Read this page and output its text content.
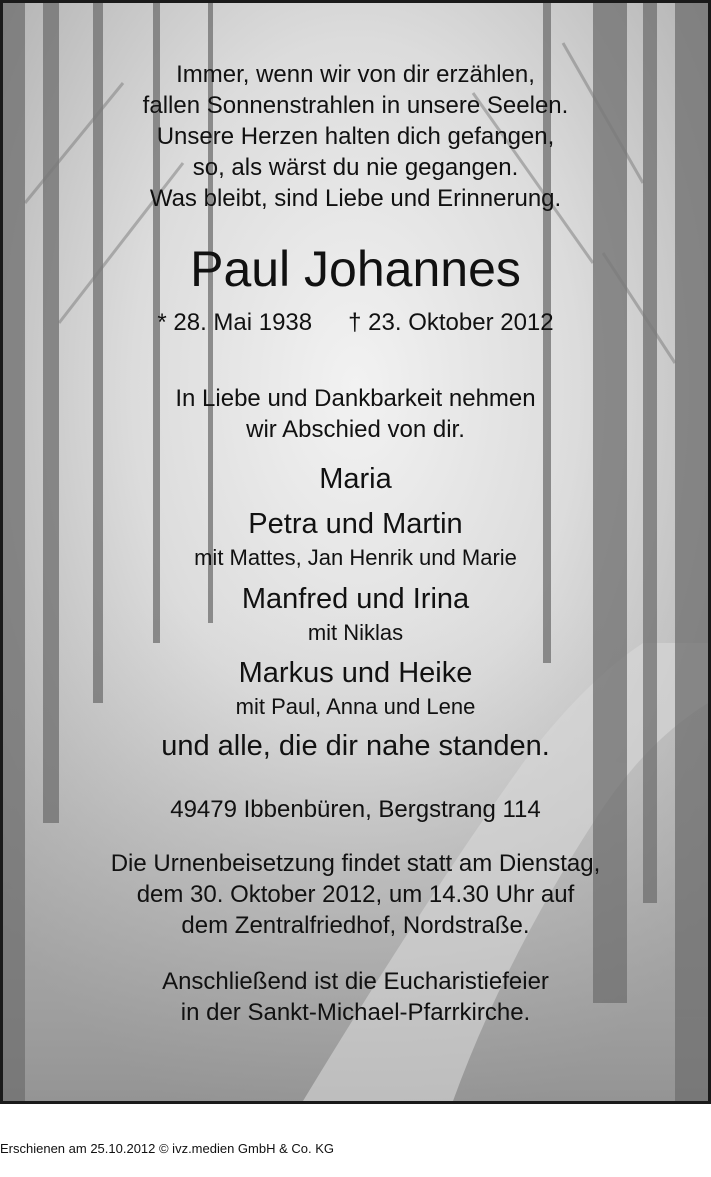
Immer, wenn wir von dir erzählen,

fallen Sonnenstrahlen in unsere Seelen.

Unsere Herzen halten dich gefangen,

so, als wärst du nie gegangen.

Was bleibt, sind Liebe und Erinnerung.

Paul Johannes

* 28. Mai 1938 † 23. Oktober 2012

In Liebe und Dankbarkeit nehmen

wir Abschied von dir.

Maria

Petra und Martin

mit Mattes, Jan Henrik und Marie

Manfred und Irina

mit Niklas

Markus und Heike

mit Paul, Anna und Lene

und alle, die dir nahe standen.

49479 Ibbenbüren, Bergstrang 114

Die Urnenbeisetzung findet statt am Dienstag,

dem 30. Oktober 2012, um 14.30 Uhr auf

dem Zentralfriedhof, Nordstraße.

Anschließend ist die Eucharistiefeier

in der Sankt-Michael-Pfarrkirche.

Erschienen am 25.10.2012 © ivz.medien GmbH & Co. KG
